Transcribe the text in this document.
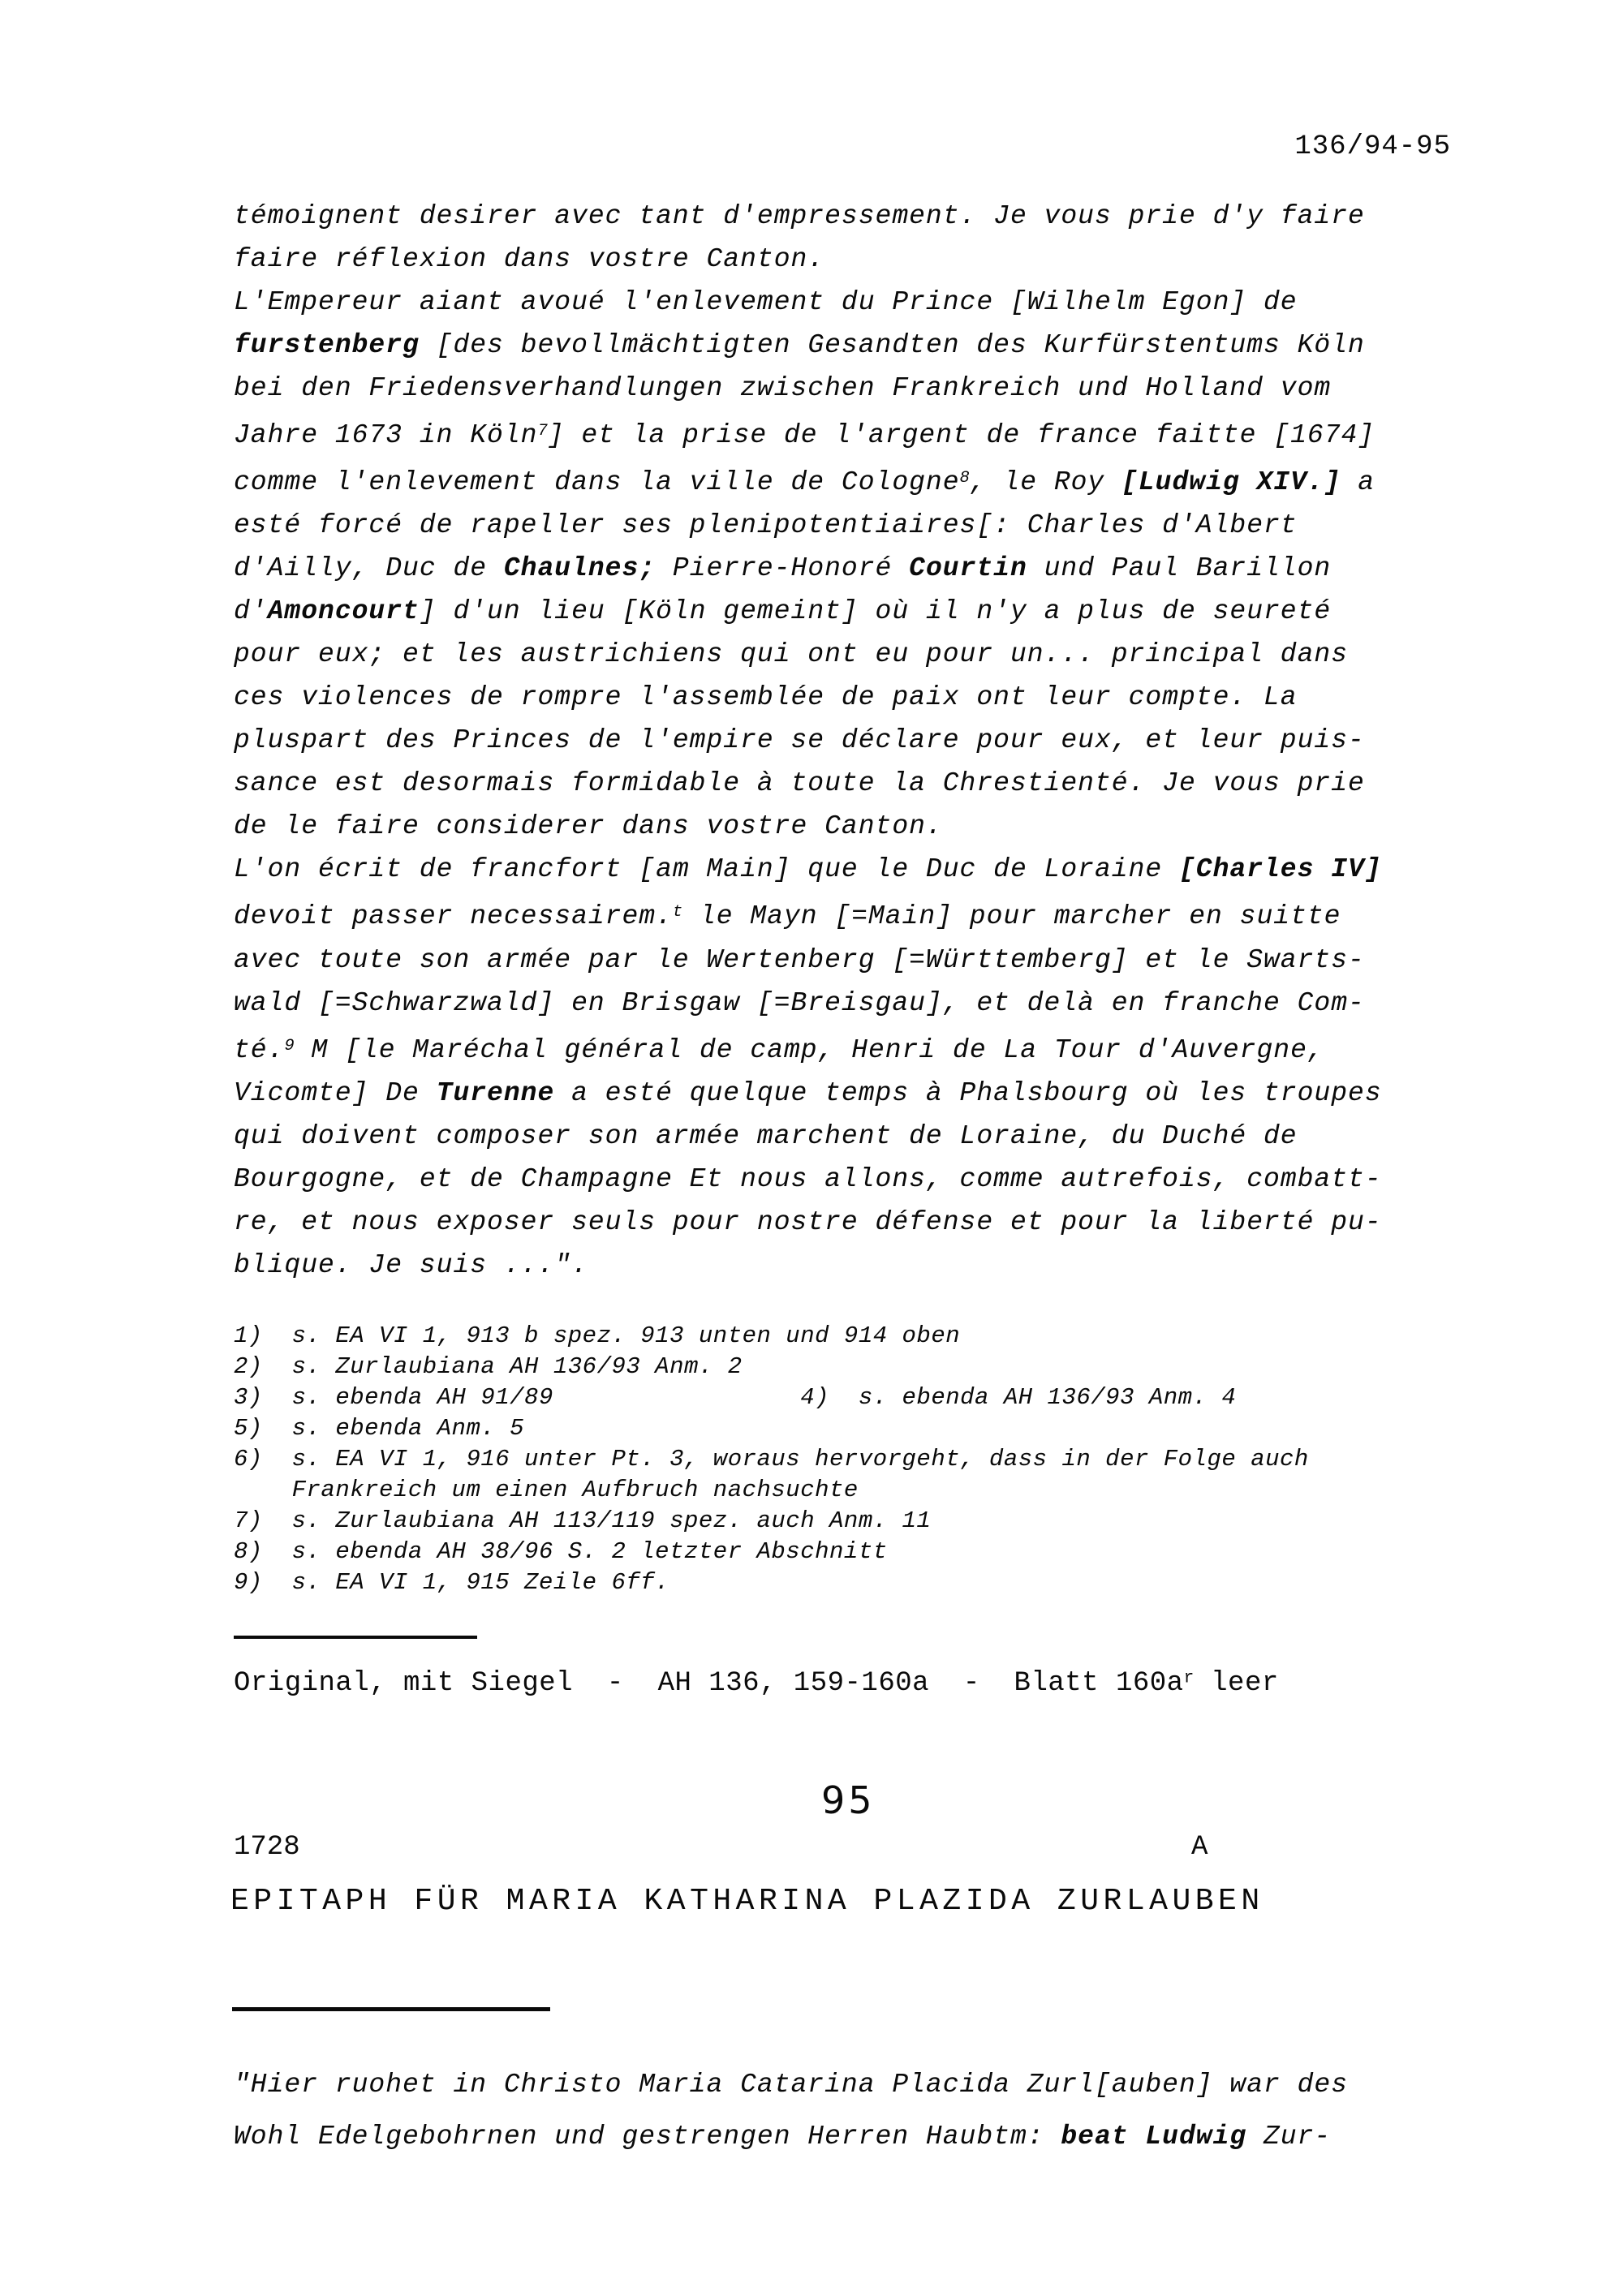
136/94-95
témoignent desirer avec tant d'empressement. Je vous prie d'y faire
faire réflexion dans vostre Canton.
L'Empereur aiant avoué l'enlevement du Prince [Wilhelm Egon] de
furstenberg [des bevollmächtigten Gesandten des Kurfürstentums Köln
bei den Friedensverhandlungen zwischen Frankreich und Holland vom
Jahre 1673 in Köln$^7$] et la prise de l'argent de france faitte [1674]
comme l'enlevement dans la ville de Cologne$^8$, le Roy [Ludwig XIV.] a
esté forcé de rapeller ses plenipotentiaires[: Charles d'Albert
d'Ailly, Duc de Chaulnes; Pierre-Honoré Courtin und Paul Barillon
d'Amoncourt] d'un lieu [Köln gemeint] où il n'y a plus de seureté
pour eux; et les austrichiens qui ont eu pour un... principal dans
ces violences de rompre l'assemblée de paix ont leur compte. La
pluspart des Princes de l'empire se déclare pour eux, et leur puis-
sance est desormais formidable à toute la Chrestienté. Je vous prie
de le faire considerer dans vostre Canton.
L'on écrit de francfort [am Main] que le Duc de Loraine [Charles IV]
devoit passer necessairem.$^t$ le Mayn [=Main] pour marcher en suitte
avec toute son armée par le Wertenberg [=Württemberg] et le Swarts-
wald [=Schwarzwald] en Brisgaw [=Breisgau], et delà en franche Com-
té.$^9$ M [le Maréchal général de camp, Henri de La Tour d'Auvergne,
Vicomte] De Turenne a esté quelque temps à Phalsbourg où les troupes
qui doivent composer son armée marchent de Loraine, du Duché de
Bourgogne, et de Champagne Et nous allons, comme autrefois, combatt-
re, et nous exposer seuls pour nostre défense et pour la liberté pu-
blique. Je suis ...".
1)  s. EA VI 1, 913 b spez. 913 unten und 914 oben
2)  s. Zurlaubiana AH 136/93 Anm. 2
3)  s. ebenda AH 91/89                 4)  s. ebenda AH 136/93 Anm. 4
5)  s. ebenda Anm. 5
6)  s. EA VI 1, 916 unter Pt. 3, woraus hervorgeht, dass in der Folge auch
Frankreich um einen Aufbruch nachsuchte
7)  s. Zurlaubiana AH 113/119 spez. auch Anm. 11
8)  s. ebenda AH 38/96 S. 2 letzter Abschnitt
9)  s. EA VI 1, 915 Zeile 6ff.
Original, mit Siegel  -  AH 136, 159-160a  -  Blatt $160a^r$ leer
95
1728	A
EPITAPH FÜR MARIA KATHARINA PLAZIDA ZURLAUBEN
"Hier ruohet in Christo Maria Catarina Placida Zurl[auben] war des
Wohl Edelgebohrnen und gestrengen Herren Haubtm: beat Ludwig Zur-
